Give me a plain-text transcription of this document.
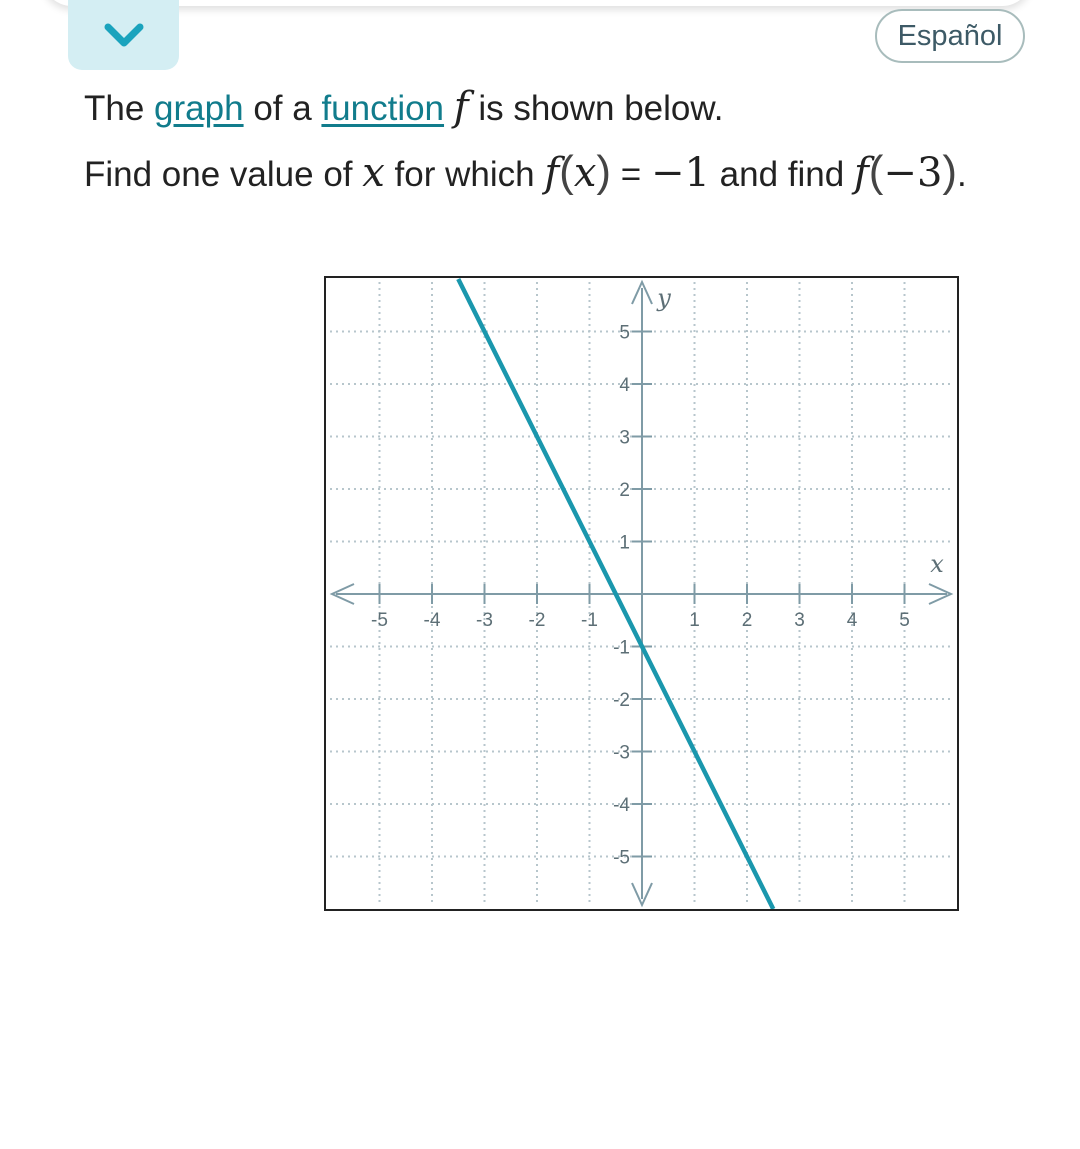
Español
The graph of a function f is shown below.
Find one value of x for which f(x) = −1 and find f(−3).
-5 -4 -3 -2 -1	1 2 3 4 5
-5
-4
-3
-2
-1
1
2
3
4
5
x
y
